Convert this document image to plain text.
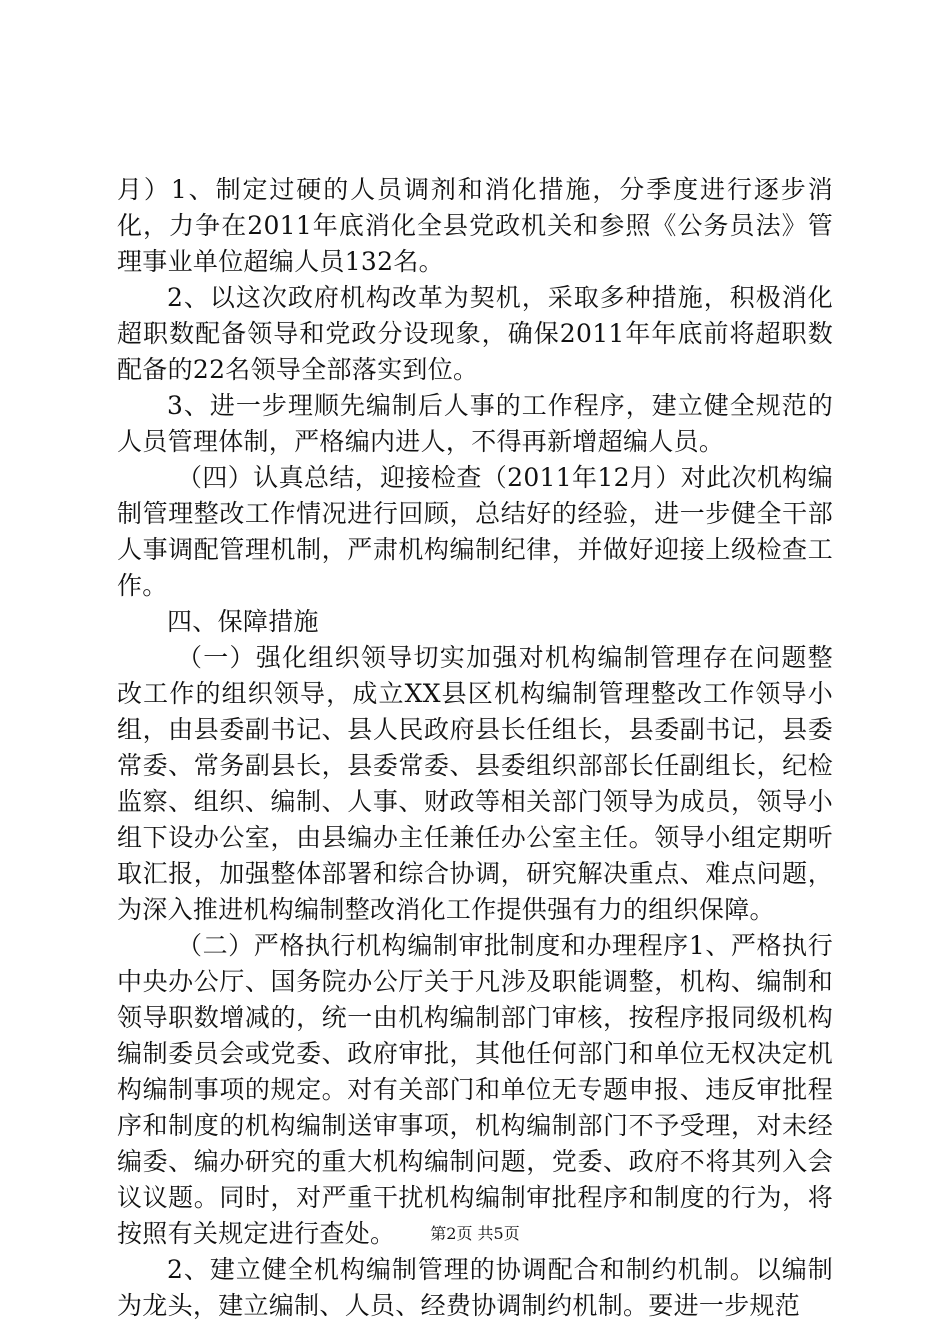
月）1、制定过硬的人员调剂和消化措施，分季度进行逐步消化，力争在2011年底消化全县党政机关和参照《公务员法》管理事业单位超编人员132名。

2、以这次政府机构改革为契机，采取多种措施，积极消化超职数配备领导和党政分设现象，确保2011年年底前将超职数配备的22名领导全部落实到位。

3、进一步理顺先编制后人事的工作程序，建立健全规范的人员管理体制，严格编内进人，不得再新增超编人员。

（四）认真总结，迎接检查（2011年12月）对此次机构编制管理整改工作情况进行回顾，总结好的经验，进一步健全干部人事调配管理机制，严肃机构编制纪律，并做好迎接上级检查工作。

四、保障措施

（一）强化组织领导切实加强对机构编制管理存在问题整改工作的组织领导，成立XX县区机构编制管理整改工作领导小组，由县委副书记、县人民政府县长任组长，县委副书记，县委常委、常务副县长，县委常委、县委组织部部长任副组长，纪检监察、组织、编制、人事、财政等相关部门领导为成员，领导小组下设办公室，由县编办主任兼任办公室主任。领导小组定期听取汇报，加强整体部署和综合协调，研究解决重点、难点问题，为深入推进机构编制整改消化工作提供强有力的组织保障。

（二）严格执行机构编制审批制度和办理程序1、严格执行中央办公厅、国务院办公厅关于凡涉及职能调整，机构、编制和领导职数增减的，统一由机构编制部门审核，按程序报同级机构编制委员会或党委、政府审批，其他任何部门和单位无权决定机构编制事项的规定。对有关部门和单位无专题申报、违反审批程序和制度的机构编制送审事项，机构编制部门不予受理，对未经编委、编办研究的重大机构编制问题，党委、政府不将其列入会议议题。同时，对严重干扰机构编制审批程序和制度的行为，将按照有关规定进行查处。

2、建立健全机构编制管理的协调配合和制约机制。以编制为龙头，建立编制、人员、经费协调制约机制。要进一步规范

第2页 共5页
